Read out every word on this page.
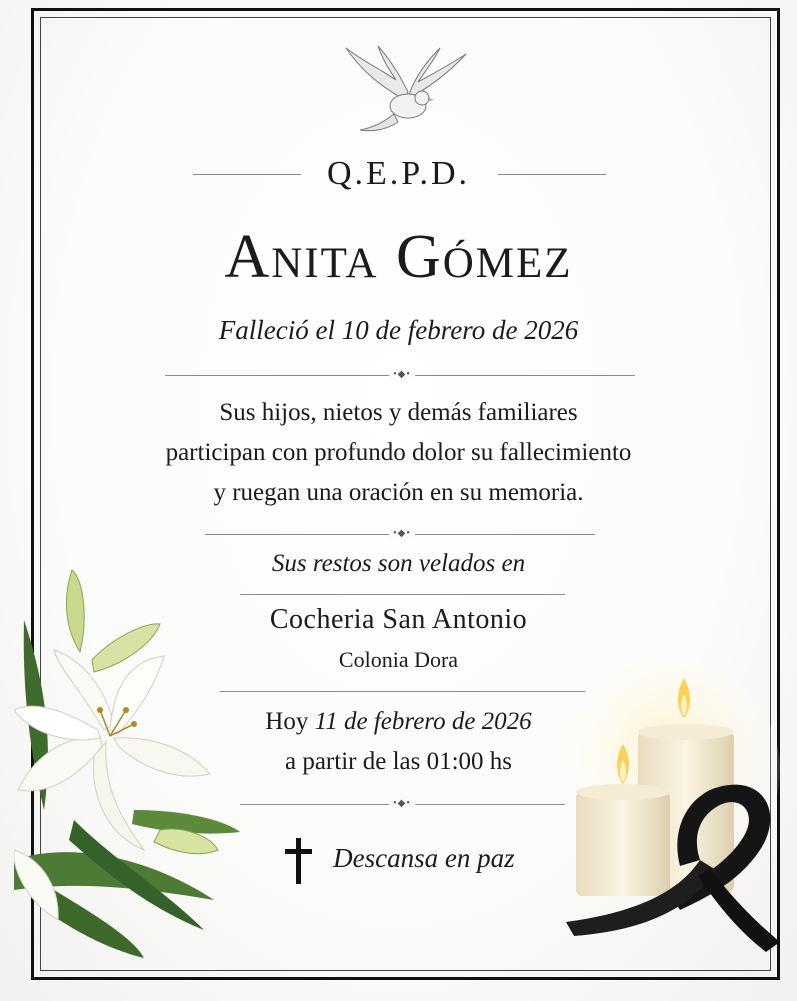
Q.E.P.D.
Anita Gómez
Falleció el 10 de febrero de 2026
•◆•
Sus hijos, nietos y demás familiares
participan con profundo dolor su fallecimiento
y ruegan una oración en su memoria.
•◆•
Sus restos son velados en
Cocheria San Antonio
Colonia Dora
Hoy 11 de febrero de 2026
a partir de las 01:00 hs
•◆•
Descansa en paz
